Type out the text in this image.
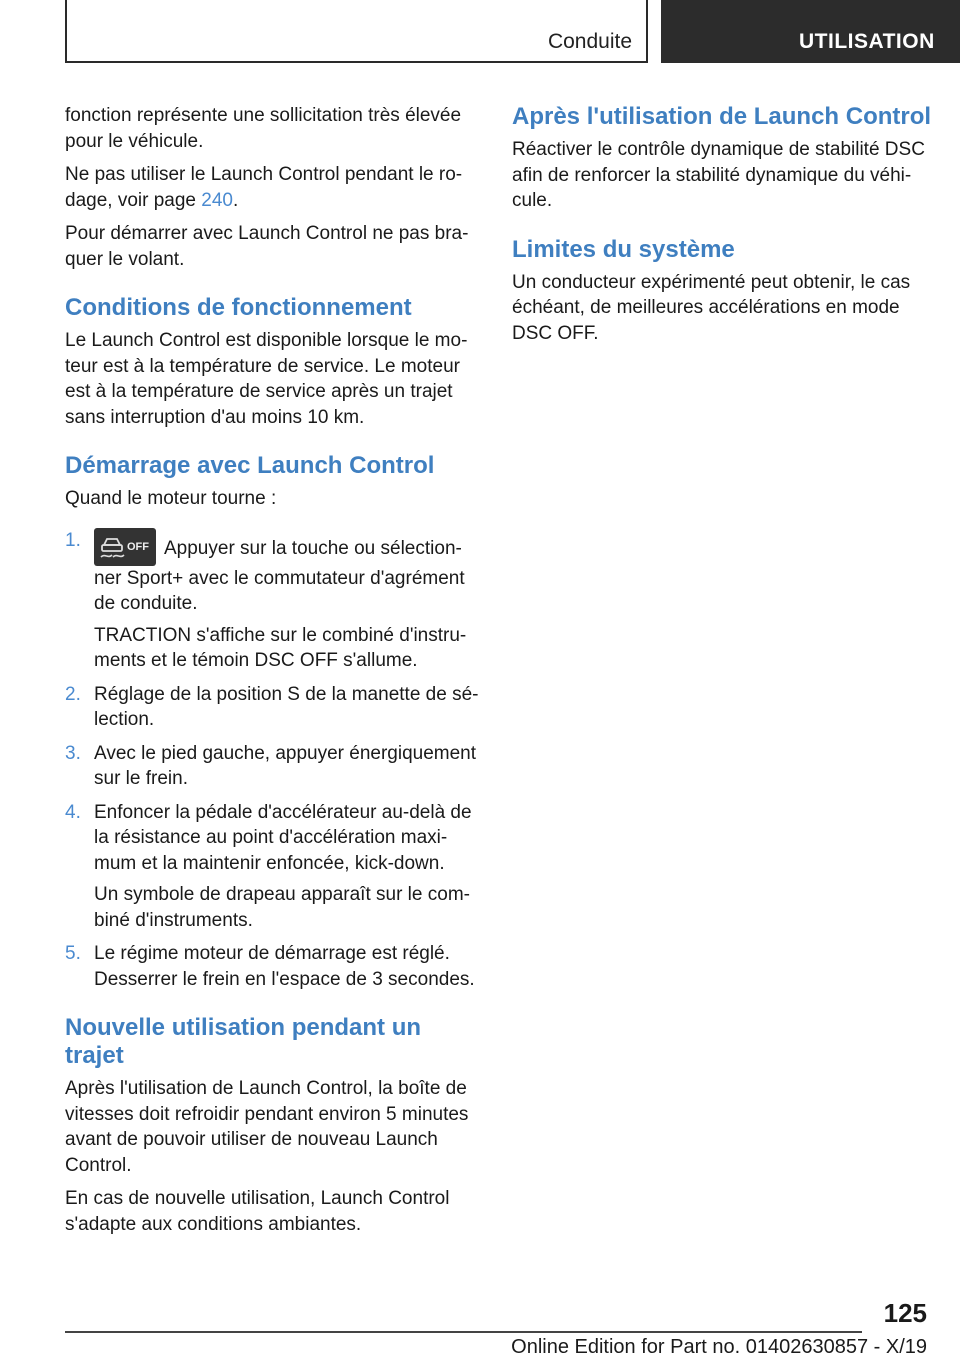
Conduite	UTILISATION

fonction représente une sollicitation très élevée pour le véhicule.

Ne pas utiliser le Launch Control pendant le ro-dage, voir page 240.

Pour démarrer avec Launch Control ne pas bra-quer le volant.

Conditions de fonctionnement

Le Launch Control est disponible lorsque le mo-teur est à la température de service. Le moteur est à la température de service après un trajet sans interruption d'au moins 10 km.

Démarrage avec Launch Control

Quand le moteur tourne :

1.	OFF Appuyer sur la touche ou sélection-ner Sport+ avec le commutateur d'agrément de conduite.

TRACTION s'affiche sur le combiné d'instru-ments et le témoin DSC OFF s'allume.

2. Réglage de la position S de la manette de sé-lection.

3. Avec le pied gauche, appuyer énergiquement sur le frein.

4. Enfoncer la pédale d'accélérateur au-delà de la résistance au point d'accélération maxi-mum et la maintenir enfoncée, kick-down.

Un symbole de drapeau apparaît sur le com-biné d'instruments.

5. Le régime moteur de démarrage est réglé. Desserrer le frein en l'espace de 3 secondes.

Nouvelle utilisation pendant un trajet

Après l'utilisation de Launch Control, la boîte de vitesses doit refroidir pendant environ 5 minutes avant de pouvoir utiliser de nouveau Launch Control.

En cas de nouvelle utilisation, Launch Control s'adapte aux conditions ambiantes.

Après l'utilisation de Launch Control

Réactiver le contrôle dynamique de stabilité DSC afin de renforcer la stabilité dynamique du véhi-cule.

Limites du système

Un conducteur expérimenté peut obtenir, le cas échéant, de meilleures accélérations en mode DSC OFF.

125
Online Edition for Part no. 01402630857 - X/19
